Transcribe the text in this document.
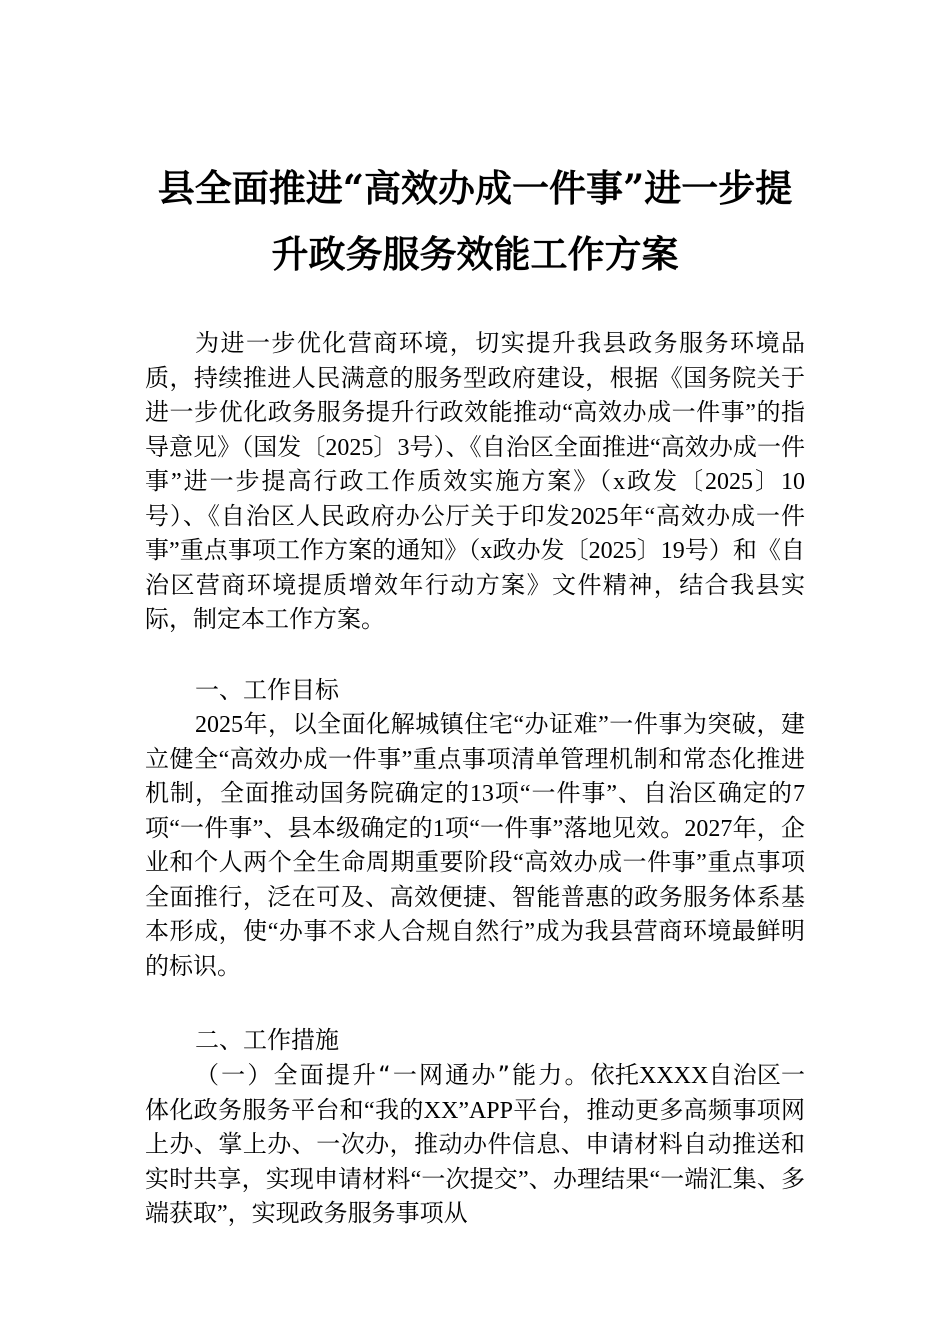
县全面推进“高效办成一件事”进一步提
升政务服务效能工作方案

为进一步优化营商环境，切实提升我县政务服务环境品质，持续推进人民满意的服务型政府建设，根据《国务院关于进一步优化政务服务提升行政效能推动“高效办成一件事”的指导意见》（国发〔2025〕3号）、《自治区全面推进“高效办成一件事”进一步提高行政工作质效实施方案》（x政发〔2025〕10号）、《自治区人民政府办公厅关于印发2025年“高效办成一件事”重点事项工作方案的通知》（x政办发〔2025〕19号）和《自治区营商环境提质增效年行动方案》文件精神，结合我县实际，制定本工作方案。

一、工作目标

2025年，以全面化解城镇住宅“办证难”一件事为突破，建立健全“高效办成一件事”重点事项清单管理机制和常态化推进机制，全面推动国务院确定的13项“一件事”、自治区确定的7项“一件事”、县本级确定的1项“一件事”落地见效。2027年，企业和个人两个全生命周期重要阶段“高效办成一件事”重点事项全面推行，泛在可及、高效便捷、智能普惠的政务服务体系基本形成，使“办事不求人合规自然行”成为我县营商环境最鲜明的标识。

二、工作措施

（一）全面提升“一网通办”能力。依托XXXX自治区一体化政务服务平台和“我的XX”APP平台，推动更多高频事项网上办、掌上办、一次办，推动办件信息、申请材料自动推送和实时共享，实现申请材料“一次提交”、办理结果“一端汇集、多端获取”，实现政务服务事项从
